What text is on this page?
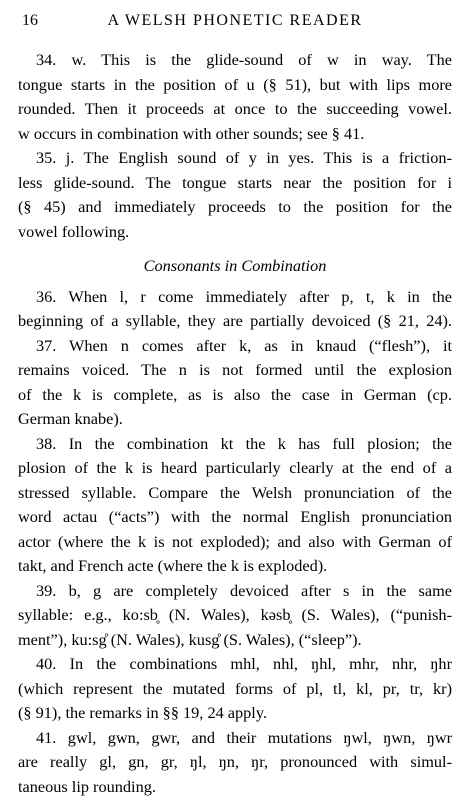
16	A WELSH PHONETIC READER
34. w. This is the glide-sound of w in way. The
tongue starts in the position of u (§ 51), but with lips more
rounded. Then it proceeds at once to the succeeding vowel.
w occurs in combination with other sounds; see § 41.
35. j. The English sound of y in yes. This is a friction-
less glide-sound. The tongue starts near the position for i
(§ 45) and immediately proceeds to the position for the
vowel following.
Consonants in Combination
36. When l, r come immediately after p, t, k in the
beginning of a syllable, they are partially devoiced (§ 21, 24).
37. When n comes after k, as in knaud (“flesh”), it
remains voiced. The n is not formed until the explosion
of the k is complete, as is also the case in German (cp.
German knabe).
38. In the combination kt the k has full plosion; the
plosion of the k is heard particularly clearly at the end of a
stressed syllable. Compare the Welsh pronunciation of the
word actau (“acts”) with the normal English pronunciation
actor (where the k is not exploded); and also with German of
takt, and French acte (where the k is exploded).
39. b, g are completely devoiced after s in the same
syllable: e.g., ko:sb̥ (N. Wales), kəsb̥ (S. Wales), (“punish-
ment”), ku:sg̊ (N. Wales), kusg̊ (S. Wales), (“sleep”).
40. In the combinations mhl, nhl, ŋhl, mhr, nhr, ŋhr
(which represent the mutated forms of pl, tl, kl, pr, tr, kr)
(§ 91), the remarks in §§ 19, 24 apply.
41. gwl, gwn, gwr, and their mutations ŋwl, ŋwn, ŋwr
are really gl, gn, gr, ŋl, ŋn, ŋr, pronounced with simul-
taneous lip rounding.
